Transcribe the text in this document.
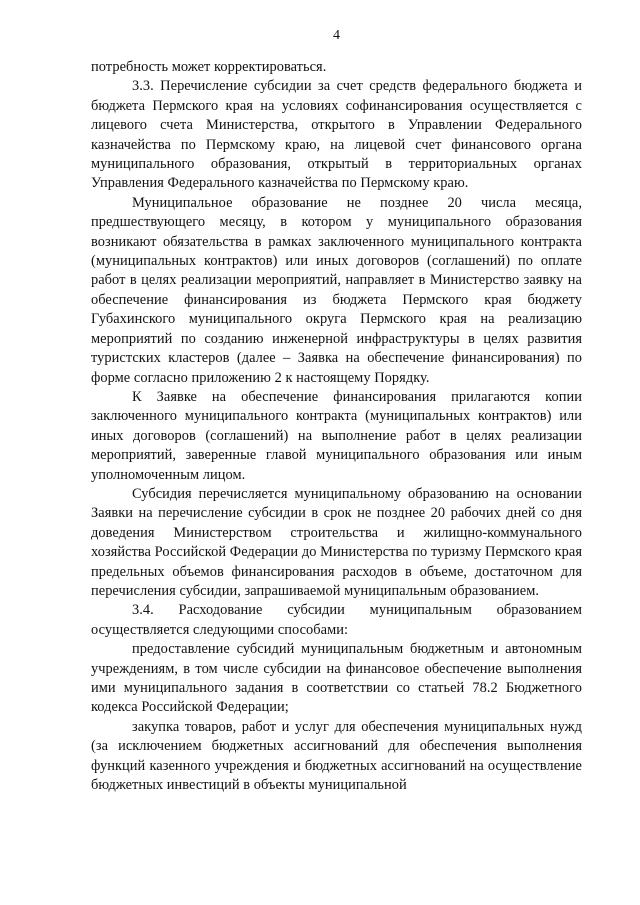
4

потребность может корректироваться.

3.3. Перечисление субсидии за счет средств федерального бюджета и бюджета Пермского края на условиях софинансирования осуществляется с лицевого счета Министерства, открытого в Управлении Федерального казначейства по Пермскому краю, на лицевой счет финансового органа муниципального образования, открытый в территориальных органах Управления Федерального казначейства по Пермскому краю.

Муниципальное образование не позднее 20 числа месяца, предшествующего месяцу, в котором у муниципального образования возникают обязательства в рамках заключенного муниципального контракта (муниципальных контрактов) или иных договоров (соглашений) по оплате работ в целях реализации мероприятий, направляет в Министерство заявку на обеспечение финансирования из бюджета Пермского края бюджету Губахинского муниципального округа Пермского края на реализацию мероприятий по созданию инженерной инфраструктуры в целях развития туристских кластеров (далее – Заявка на обеспечение финансирования) по форме согласно приложению 2 к настоящему Порядку.

К Заявке на обеспечение финансирования прилагаются копии заключенного муниципального контракта (муниципальных контрактов) или иных договоров (соглашений) на выполнение работ в целях реализации мероприятий, заверенные главой муниципального образования или иным уполномоченным лицом.

Субсидия перечисляется муниципальному образованию на основании Заявки на перечисление субсидии в срок не позднее 20 рабочих дней со дня доведения Министерством строительства и жилищно-коммунального хозяйства Российской Федерации до Министерства по туризму Пермского края предельных объемов финансирования расходов в объеме, достаточном для перечисления субсидии, запрашиваемой муниципальным образованием.

3.4. Расходование субсидии муниципальным образованием осуществляется следующими способами:

предоставление субсидий муниципальным бюджетным и автономным учреждениям, в том числе субсидии на финансовое обеспечение выполнения ими муниципального задания в соответствии со статьей 78.2 Бюджетного кодекса Российской Федерации;

закупка товаров, работ и услуг для обеспечения муниципальных нужд (за исключением бюджетных ассигнований для обеспечения выполнения функций казенного учреждения и бюджетных ассигнований на осуществление бюджетных инвестиций в объекты муниципальной
